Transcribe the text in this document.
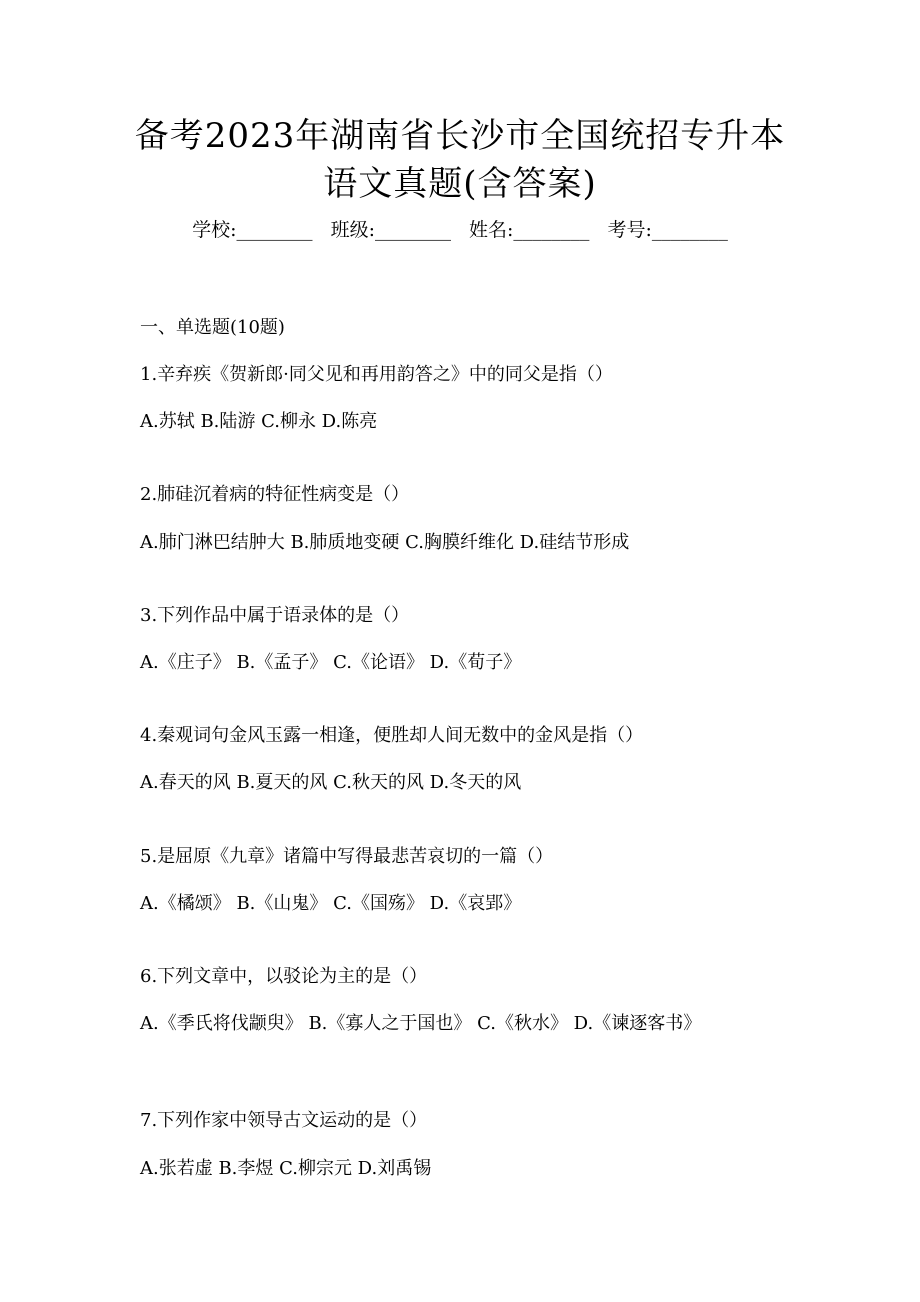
备考2023年湖南省长沙市全国统招专升本
语文真题(含答案)
学校:________ 班级:________ 姓名:________ 考号:________
一、单选题(10题)
1.辛弃疾《贺新郎·同父见和再用韵答之》中的同父是指（）
A.苏轼 B.陆游 C.柳永 D.陈亮
2.肺硅沉着病的特征性病变是（）
A.肺门淋巴结肿大 B.肺质地变硬 C.胸膜纤维化 D.硅结节形成
3.下列作品中属于语录体的是（）
A.《庄子》 B.《孟子》 C.《论语》 D.《荀子》
4.秦观词句金风玉露一相逢，便胜却人间无数中的金风是指（）
A.春天的风 B.夏天的风 C.秋天的风 D.冬天的风
5.是屈原《九章》诸篇中写得最悲苦哀切的一篇（）
A.《橘颂》 B.《山鬼》 C.《国殇》 D.《哀郢》
6.下列文章中，以驳论为主的是（）
A.《季氏将伐颛臾》 B.《寡人之于国也》 C.《秋水》 D.《谏逐客书》
7.下列作家中领导古文运动的是（）
A.张若虚 B.李煜 C.柳宗元 D.刘禹锡
